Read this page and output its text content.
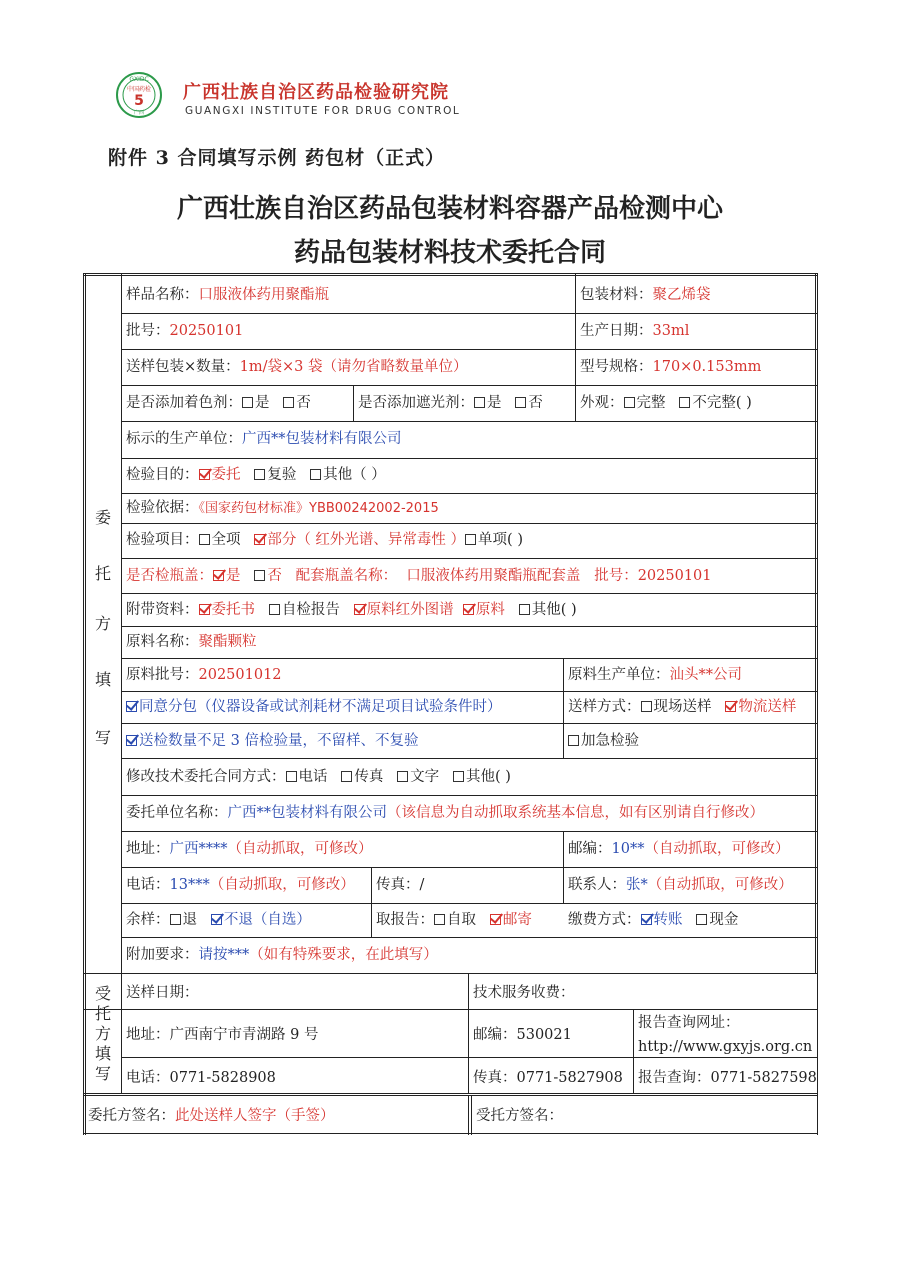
GXIDC
中国药检
5
广西
广西壮族自治区药品检验研究院
GUANGXI INSTITUTE FOR DRUG CONTROL
附件 3 合同填写示例 药包材（正式）
广西壮族自治区药品包装材料容器产品检测中心
药品包装材料技术委托合同
委
托
方
填
写
受
托
方
填
写
样品名称：口服液体药用聚酯瓶	包装材料：聚乙烯袋
批号：20250101	生产日期：33ml
送样包装×数量：1m/袋×3 袋（请勿省略数量单位）	型号规格：170×0.153mm
是否添加着色剂： 是 否	是否添加遮光剂： 是 否	外观： 完整 不完整( )
标示的生产单位：广西**包装材料有限公司
检验目的： 委托 复验 其他（ ）
检验依据：《国家药包材标准》YBB00242002-2015
检验项目： 全项 部分（ 红外光谱、异常毒性 ） 单项( )
是否检瓶盖： 是 否 配套瓶盖名称： 口服液体药用聚酯瓶配套盖 批号：20250101
附带资料： 委托书 自检报告 原料红外图谱 原料 其他( )
原料名称：聚酯颗粒
原料批号：202501012	原料生产单位：汕头**公司
同意分包（仪器设备或试剂耗材不满足项目试验条件时）	送样方式： 现场送样 物流送样
送检数量不足 3 倍检验量，不留样、不复验	加急检验
修改技术委托合同方式： 电话 传真 文字 其他( )
委托单位名称：广西**包装材料有限公司（该信息为自动抓取系统基本信息，如有区别请自行修改）
地址：广西****（自动抓取，可修改）	邮编：10**（自动抓取，可修改）
电话：13***（自动抓取，可修改） 传真：/	联系人：张*（自动抓取，可修改）
余样： 退 不退（自选）	取报告： 自取 邮寄 缴费方式： 转账 现金
附加要求：请按***（如有特殊要求，在此填写）
送样日期：	技术服务收费：
地址：广西南宁市青湖路 9 号	邮编：530021
报告查询网址：
http://www.gxyjs.org.cn
电话：0771-5828908	传真：0771-5827908 报告查询：0771-5827598
委托方签名：此处送样人签字（手签）	受托方签名：
